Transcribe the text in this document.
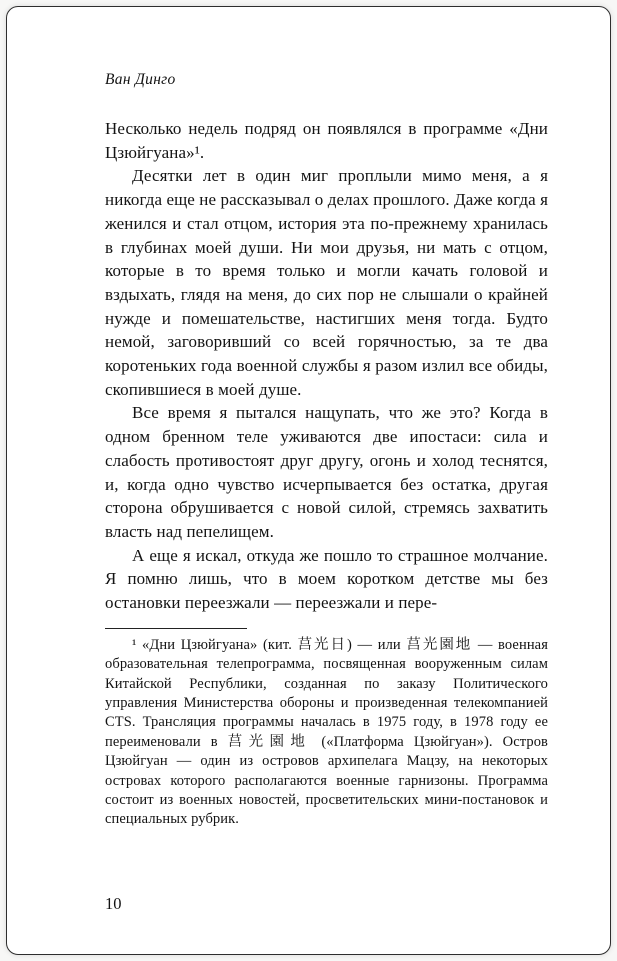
Ван Динго

Несколько недель подряд он появлялся в программе «Дни Цзюйгуана»¹.

Десятки лет в один миг проплыли мимо меня, а я никогда еще не рассказывал о делах прошлого. Даже когда я женился и стал отцом, история эта по-прежнему хранилась в глубинах моей души. Ни мои друзья, ни мать с отцом, которые в то время только и могли качать головой и вздыхать, глядя на меня, до сих пор не слышали о крайней нужде и помешательстве, настигших меня тогда. Будто немой, заговоривший со всей горячностью, за те два коротеньких года военной службы я разом излил все обиды, скопившиеся в моей душе.

Все время я пытался нащупать, что же это? Когда в одном бренном теле уживаются две ипостаси: сила и слабость противостоят друг другу, огонь и холод теснятся, и, когда одно чувство исчерпывается без остатка, другая сторона обрушивается с новой силой, стремясь захватить власть над пепелищем.

А еще я искал, откуда же пошло то страшное молчание. Я помню лишь, что в моем коротком детстве мы без остановки переезжали — переезжали и пере-

¹ «Дни Цзюйгуана» (кит. 莒光日) — или 莒光園地 — военная образовательная телепрограмма, посвященная вооруженным силам Китайской Республики, созданная по заказу Политического управления Министерства обороны и произведенная телекомпанией CTS. Трансляция программы началась в 1975 году, в 1978 году ее переименовали в 莒光園地 («Платформа Цзюйгуан»). Остров Цзюйгуан — один из островов архипелага Мацзу, на некоторых островах которого располагаются военные гарнизоны. Программа состоит из военных новостей, просветительских мини-постановок и специальных рубрик.
10
